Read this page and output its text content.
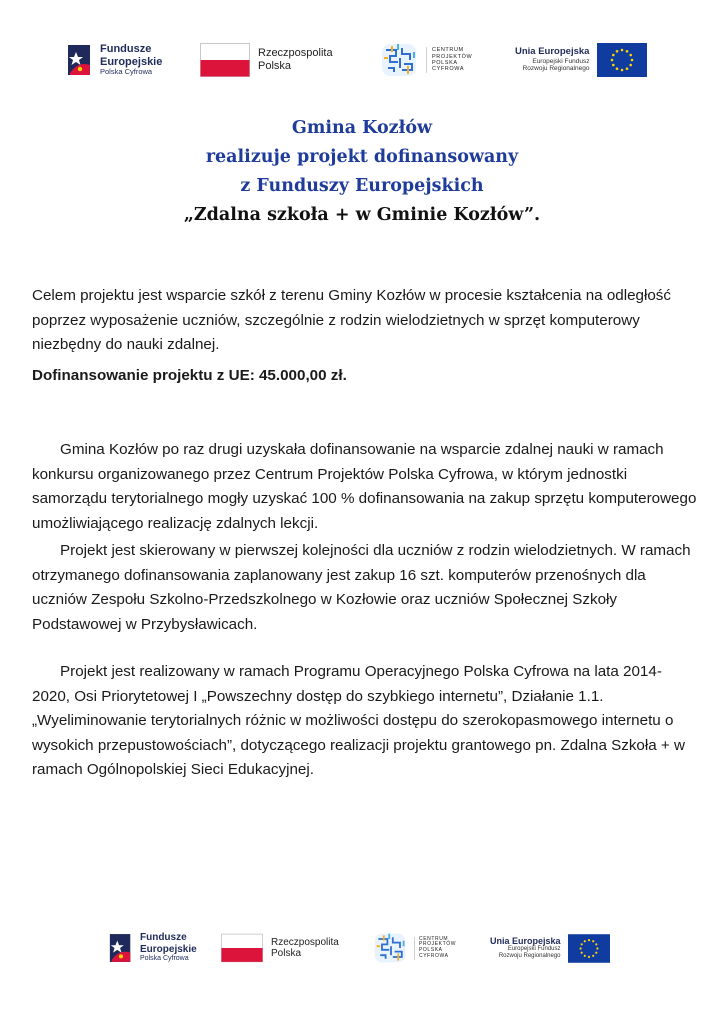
Fundusze
Europejskie
Polska Cyfrowa
Rzeczpospolita
Polska
CENTRUM
PROJEKTÓW
POLSKA
CYFROWA
Unia Europejska
Europejski Fundusz
Rozwoju Regionalnego
Gmina Kozłów
realizuje projekt dofinansowany
z Funduszy Europejskich
„Zdalna szkoła + w Gminie Kozłów”.

Celem projektu jest wsparcie szkół z terenu Gminy Kozłów w procesie kształcenia na odległość poprzez wyposażenie uczniów, szczególnie z rodzin wielodzietnych w sprzęt komputerowy niezbędny do nauki zdalnej.

Dofinansowanie projektu z UE: 45.000,00 zł.

Gmina Kozłów po raz drugi uzyskała dofinansowanie na wsparcie zdalnej nauki w ramach konkursu organizowanego przez Centrum Projektów Polska Cyfrowa, w którym jednostki samorządu terytorialnego mogły uzyskać 100 % dofinansowania na zakup sprzętu komputerowego umożliwiającego realizację zdalnych lekcji.

Projekt jest skierowany w pierwszej kolejności dla uczniów z rodzin wielodzietnych. W ramach otrzymanego dofinansowania zaplanowany jest zakup 16 szt. komputerów przenośnych dla uczniów Zespołu Szkolno-Przedszkolnego w Kozłowie oraz uczniów Społecznej Szkoły Podstawowej w Przybysławicach.

Projekt jest realizowany w ramach Programu Operacyjnego Polska Cyfrowa na lata 2014-2020, Osi Priorytetowej I „Powszechny dostęp do szybkiego internetu”, Działanie 1.1. „Wyeliminowanie terytorialnych różnic w możliwości dostępu do szerokopasmowego internetu o wysokich przepustowościach”, dotyczącego realizacji projektu grantowego pn. Zdalna Szkoła + w ramach Ogólnopolskiej Sieci Edukacyjnej.

Fundusze
Europejskie
Polska Cyfrowa
Rzeczpospolita
Polska
CENTRUM
PROJEKTÓW
POLSKA
CYFROWA
Unia Europejska
Europejski Fundusz
Rozwoju Regionalnego
